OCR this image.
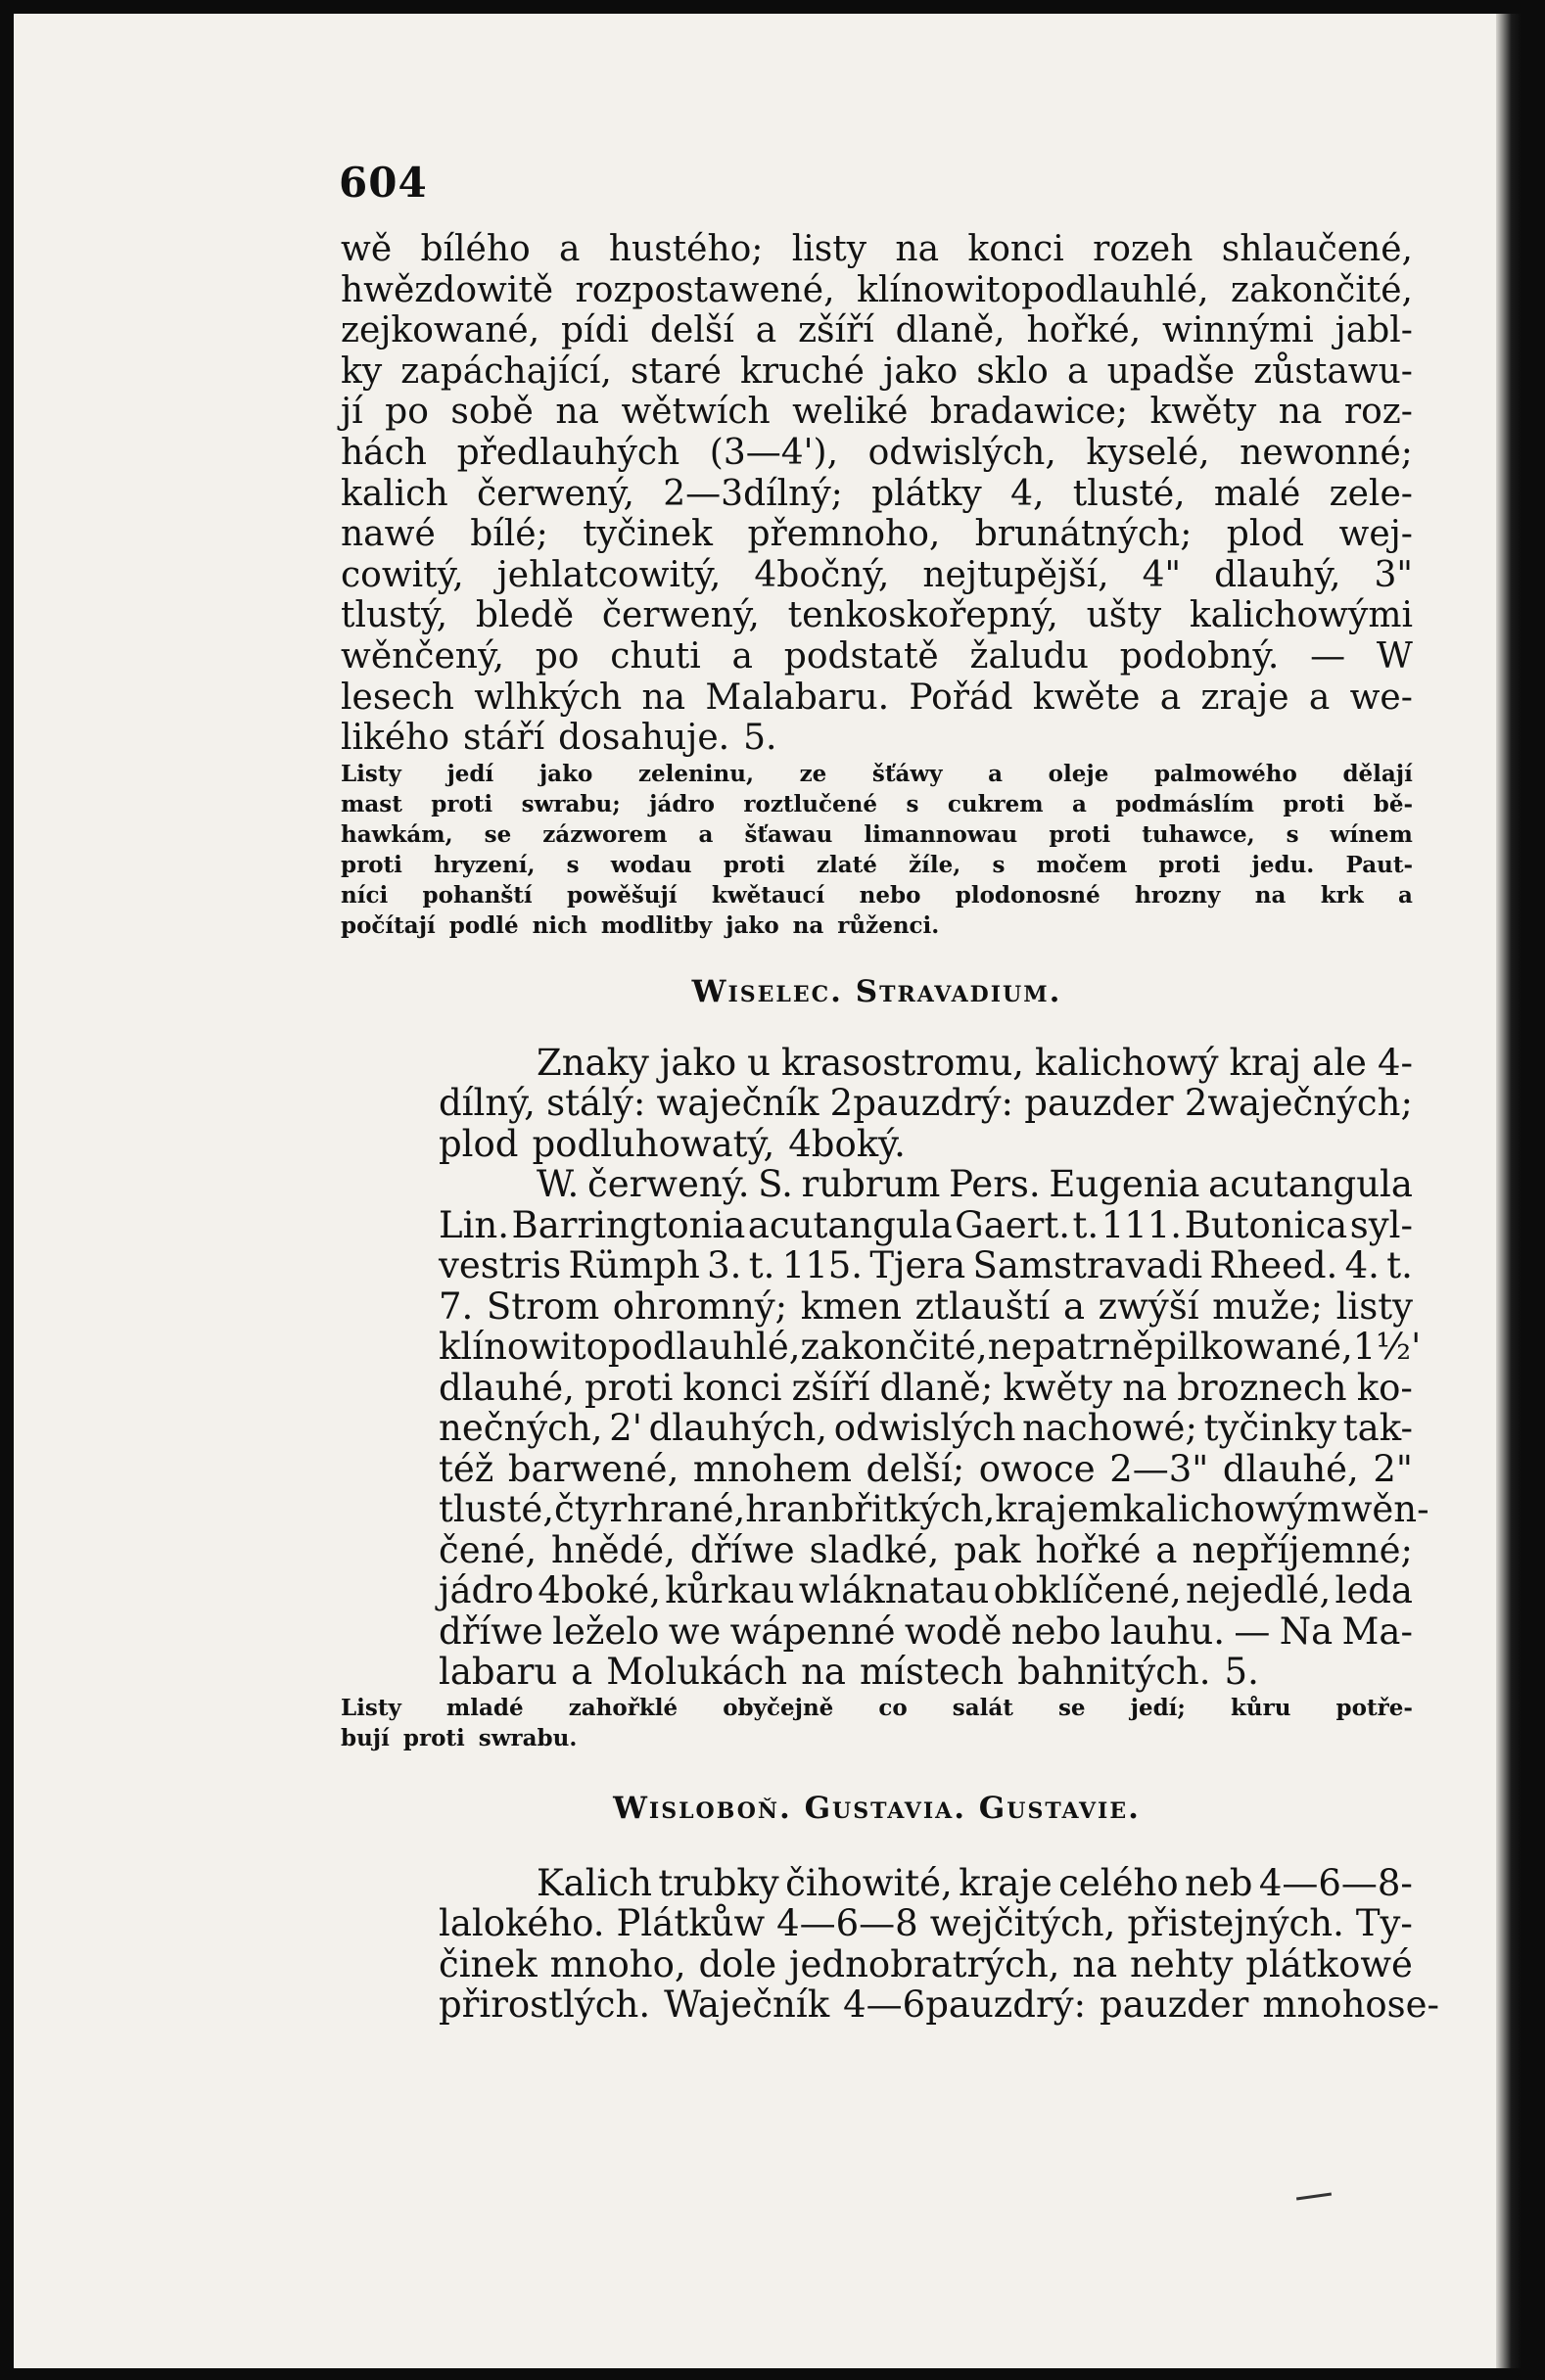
604
wě bílého a hustého; listy na konci rozeh shlaučené,
hwězdowitě rozpostawené, klínowitopodlauhlé, zakončité,
zejkowané, pídi delší a zšíří dlaně, hořké, winnými jabl-
ky zapáchající, staré kruché jako sklo a upadše zůstawu-
jí po sobě na wětwích weliké bradawice; kwěty na roz-
hách předlauhých (3—4'), odwislých, kyselé, newonné;
kalich čerwený, 2—3dílný; plátky 4, tlusté, malé zele-
nawé bílé; tyčinek přemnoho, brunátných; plod wej-
cowitý, jehlatcowitý, 4bočný, nejtupější, 4" dlauhý, 3"
tlustý, bledě čerwený, tenkoskořepný, ušty kalichowými
wěnčený, po chuti a podstatě žaludu podobný. — W
lesech wlhkých na Malabaru. Pořád kwěte a zraje a we-
likého stáří dosahuje. 5.
Listy jedí jako zeleninu, ze šťáwy a oleje palmowého dělají
mast proti swrabu; jádro roztlučené s cukrem a podmáslím proti bě-
hawkám, se zázworem a šťawau limannowau proti tuhawce, s wínem
proti hryzení, s wodau proti zlaté žíle, s močem proti jedu. Paut-
níci pohanští powěšují kwětaucí nebo plodonosné hrozny na krk a
počítají podlé nich modlitby jako na růženci.
Wiselec. Stravadium.
Znaky jako u krasostromu, kalichowý kraj ale 4-
dílný, stálý: waječník 2pauzdrý: pauzder 2waječných;
plod podluhowatý, 4boký.
W. čerwený. S. rubrum Pers. Eugenia acutangula
Lin. Barringtonia acutangula Gaert. t. 111. Butonica syl-
vestris Rümph 3. t. 115. Tjera Samstravadi Rheed. 4. t.
7. Strom ohromný; kmen ztlauští a zwýší muže; listy
klínowitopodlauhlé, zakončité, nepatrně pilkowané, 1½'
dlauhé, proti konci zšíří dlaně; kwěty na broznech ko-
nečných, 2' dlauhých, odwislých nachowé; tyčinky tak-
též barwené, mnohem delší; owoce 2—3" dlauhé, 2"
tlusté, čtyrhrané, hran břitkých, krajem kalichowým wěn-
čené, hnědé, dříwe sladké, pak hořké a nepříjemné;
jádro 4boké, kůrkau wláknatau obklíčené, nejedlé, leda
dříwe leželo we wápenné wodě nebo lauhu. — Na Ma-
labaru a Molukách na místech bahnitých. 5.
Listy mladé zahořklé obyčejně co salát se jedí; kůru potře-
bují proti swrabu.
Wisloboň. Gustavia. Gustavie.
Kalich trubky čihowité, kraje celého neb 4—6—8-
lalokého. Plátkůw 4—6—8 wejčitých, přistejných. Ty-
činek mnoho, dole jednobratrých, na nehty plátkowé
přirostlých. Waječník 4—6pauzdrý: pauzder mnohose-
